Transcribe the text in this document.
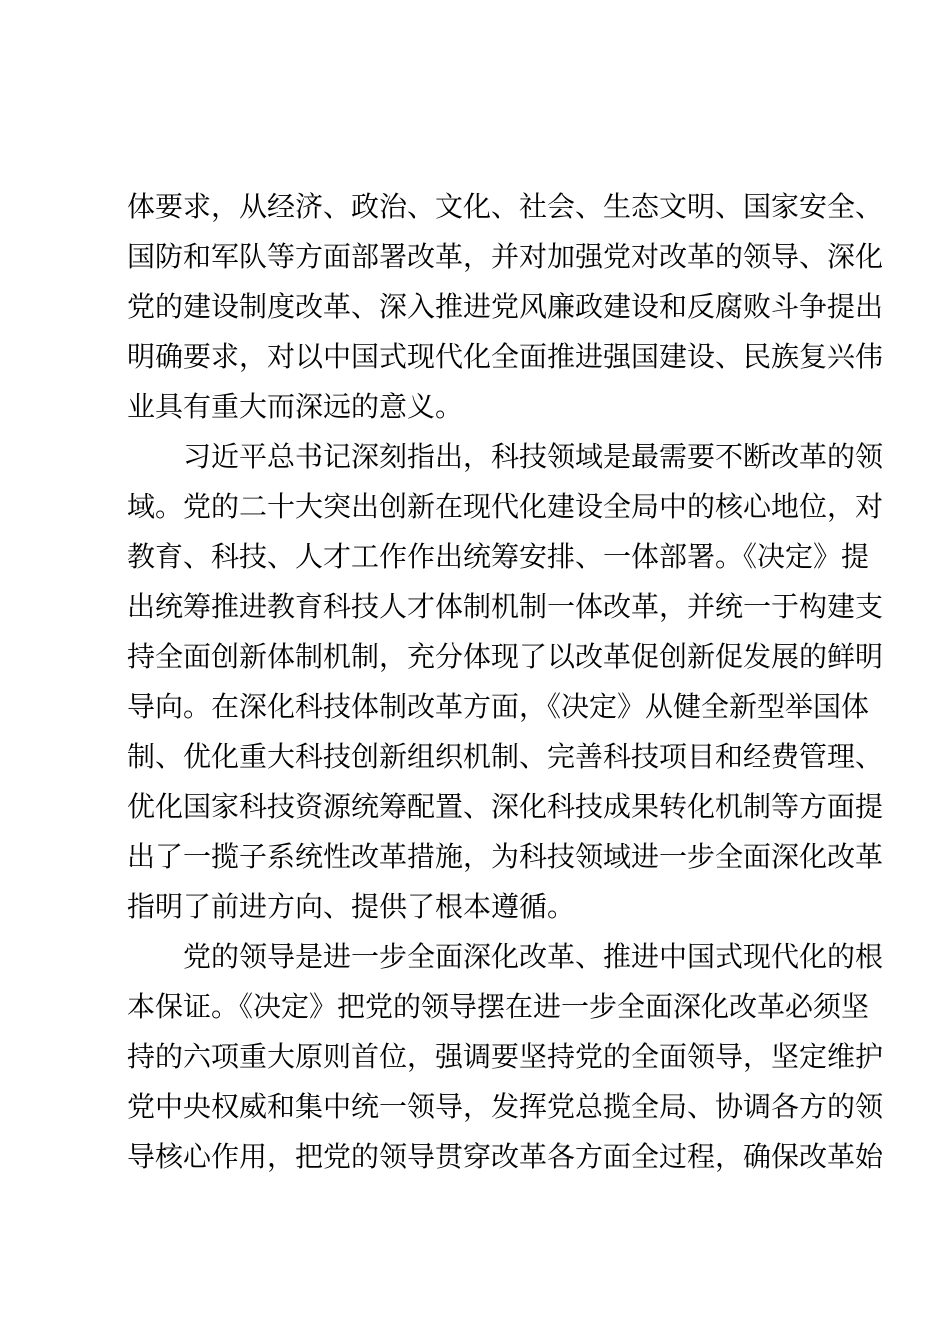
体要求，从经济、政治、文化、社会、生态文明、国家安全、
国防和军队等方面部署改革，并对加强党对改革的领导、深化
党的建设制度改革、深入推进党风廉政建设和反腐败斗争提出
明确要求，对以中国式现代化全面推进强国建设、民族复兴伟
业具有重大而深远的意义。
习近平总书记深刻指出，科技领域是最需要不断改革的领
域。党的二十大突出创新在现代化建设全局中的核心地位，对
教育、科技、人才工作作出统筹安排、一体部署。《决定》提
出统筹推进教育科技人才体制机制一体改革，并统一于构建支
持全面创新体制机制，充分体现了以改革促创新促发展的鲜明
导向。在深化科技体制改革方面，《决定》从健全新型举国体
制、优化重大科技创新组织机制、完善科技项目和经费管理、
优化国家科技资源统筹配置、深化科技成果转化机制等方面提
出了一揽子系统性改革措施，为科技领域进一步全面深化改革
指明了前进方向、提供了根本遵循。
党的领导是进一步全面深化改革、推进中国式现代化的根
本保证。《决定》把党的领导摆在进一步全面深化改革必须坚
持的六项重大原则首位，强调要坚持党的全面领导，坚定维护
党中央权威和集中统一领导，发挥党总揽全局、协调各方的领
导核心作用，把党的领导贯穿改革各方面全过程，确保改革始
